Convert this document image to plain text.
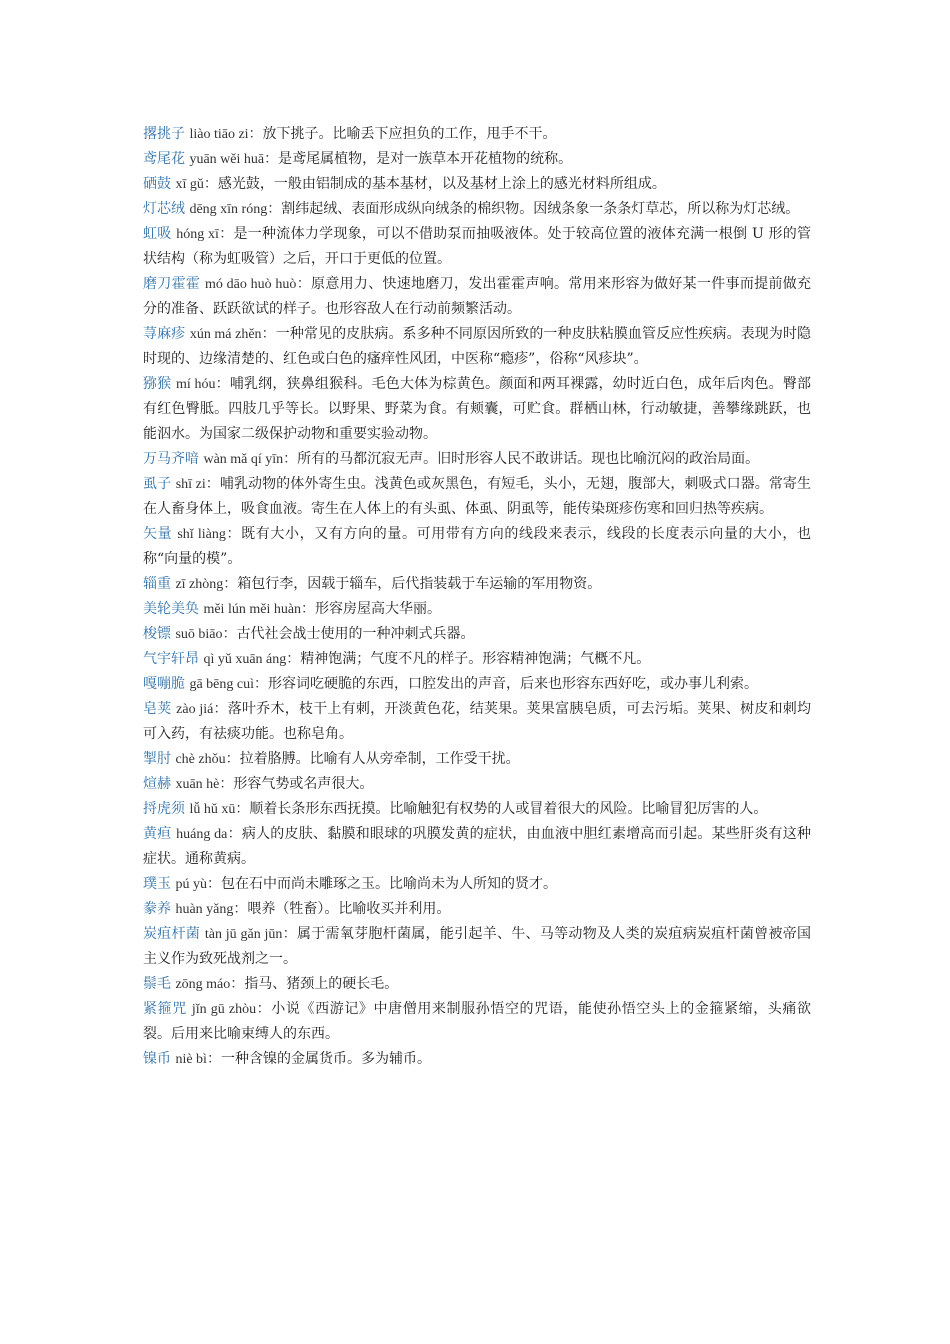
撂挑子 liào tiāo zi：放下挑子。比喻丢下应担负的工作，甩手不干。

鸢尾花 yuān wěi huā：是鸢尾属植物，是对一族草本开花植物的统称。

硒鼓 xī gǔ：感光鼓，一般由铝制成的基本基材，以及基材上涂上的感光材料所组成。

灯芯绒 dēng xīn róng：割纬起绒、表面形成纵向绒条的棉织物。因绒条象一条条灯草芯，所以称为灯芯绒。

虹吸 hóng xī：是一种流体力学现象，可以不借助泵而抽吸液体。处于较高位置的液体充满一根倒 U 形的管状结构（称为虹吸管）之后，开口于更低的位置。

磨刀霍霍 mó dāo huò huò：原意用力、快速地磨刀，发出霍霍声响。常用来形容为做好某一件事而提前做充分的准备、跃跃欲试的样子。也形容敌人在行动前频繁活动。

荨麻疹 xún má zhěn：一种常见的皮肤病。系多种不同原因所致的一种皮肤粘膜血管反应性疾病。表现为时隐时现的、边缘清楚的、红色或白色的瘙痒性风团，中医称“瘾疹”，俗称“风疹块”。

猕猴 mí hóu：哺乳纲，狭鼻组猴科。毛色大体为棕黄色。颜面和两耳裸露，幼时近白色，成年后肉色。臀部有红色臀胝。四肢几乎等长。以野果、野菜为食。有颊囊，可贮食。群栖山林，行动敏捷，善攀缘跳跃，也能泅水。为国家二级保护动物和重要实验动物。

万马齐喑 wàn mǎ qí yīn：所有的马都沉寂无声。旧时形容人民不敢讲话。现也比喻沉闷的政治局面。

虱子 shī zi：哺乳动物的体外寄生虫。浅黄色或灰黑色，有短毛，头小，无翅，腹部大，刺吸式口器。常寄生在人畜身体上，吸食血液。寄生在人体上的有头虱、体虱、阴虱等，能传染斑疹伤寒和回归热等疾病。

矢量 shǐ liàng：既有大小，又有方向的量。可用带有方向的线段来表示，线段的长度表示向量的大小，也称“向量的模”。

辎重 zī zhòng：箱包行李，因载于辎车，后代指装载于车运输的军用物资。

美轮美奂 měi lún měi huàn：形容房屋高大华丽。

梭镖 suō biāo：古代社会战士使用的一种冲刺式兵器。

气宇轩昂 qì yǔ xuān áng：精神饱满；气度不凡的样子。形容精神饱满；气概不凡。

嘎嘣脆 gā bēng cuì：形容词吃硬脆的东西，口腔发出的声音，后来也形容东西好吃，或办事儿利索。

皂荚 zào jiá：落叶乔木，枝干上有刺，开淡黄色花，结荚果。荚果富胰皂质，可去污垢。荚果、树皮和刺均可入药，有祛痰功能。也称皂角。

掣肘 chè zhǒu：拉着胳膊。比喻有人从旁牵制，工作受干扰。

煊赫 xuān hè：形容气势或名声很大。

捋虎须 lǚ hǔ xū：顺着长条形东西抚摸。比喻触犯有权势的人或冒着很大的风险。比喻冒犯厉害的人。

黄疸 huáng da：病人的皮肤、黏膜和眼球的巩膜发黄的症状，由血液中胆红素增高而引起。某些肝炎有这种症状。通称黄病。

璞玉 pú yù：包在石中而尚未雕琢之玉。比喻尚未为人所知的贤才。

豢养 huàn yǎng：喂养（牲畜）。比喻收买并利用。

炭疽杆菌 tàn jū gǎn jūn：属于需氧芽胞杆菌属，能引起羊、牛、马等动物及人类的炭疽病炭疽杆菌曾被帝国主义作为致死战剂之一。

鬃毛 zōng máo：指马、猪颈上的硬长毛。

紧箍咒 jǐn gū zhòu：小说《西游记》中唐僧用来制服孙悟空的咒语，能使孙悟空头上的金箍紧缩，头痛欲裂。后用来比喻束缚人的东西。

镍币 niè bì：一种含镍的金属货币。多为辅币。
